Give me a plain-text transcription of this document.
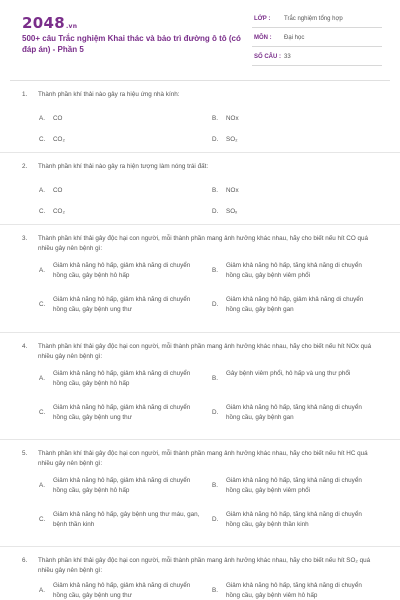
2048.vn
500+ câu Trắc nghiệm Khai thác và bảo trì đường ô tô (có đáp án) - Phần 5
LỚP : Trắc nghiệm tổng hợp
MÔN : Đại học
SỐ CÂU : 33
1. Thành phần khí thải nào gây ra hiệu ứng nhà kính:
A. CO	B. NOx
C. CO₂	D. SO₂
2. Thành phần khí thải nào gây ra hiện tượng làm nóng trái đất:
A. CO	B. NOx
C. CO₂	D. SOₓ
3.	Thành phần khí thải gây độc hại con người, mỗi thành phần mang ảnh hưởng khác nhau, hãy cho biết nếu hít CO quá nhiều gây nên bệnh gì:
A.
Giảm khả năng hô hấp, giảm khả năng di chuyển hồng cầu, gây bệnh hô hấp
B.
Giảm khả năng hô hấp, tăng khả năng di chuyển hồng cầu, gây bệnh viêm phổi
C.
Giảm khả năng hô hấp, giảm khả năng di chuyển hồng cầu, gây bệnh ung thư
D.
Giảm khả năng hô hấp, giảm khả năng di chuyển hồng cầu, gây bệnh gan
4.	Thành phần khí thải gây độc hại con người, mỗi thành phần mang ảnh hưởng khác nhau, hãy cho biết nếu hít NOx quá nhiều gây nên bệnh gì:
A.
Giảm khả năng hô hấp, giảm khả năng di chuyển hồng cầu, gây bệnh hô hấp
B.
Gây bệnh viêm phổi, hô hấp và ung thư phổi
C.
Giảm khả năng hô hấp, giảm khả năng di chuyển hồng cầu, gây bệnh ung thư
D.
Giảm khả năng hô hấp, tăng khả năng di chuyển hồng cầu, gây bệnh gan
5.	Thành phần khí thải gây độc hại con người, mỗi thành phần mang ảnh hưởng khác nhau, hãy cho biết nếu hít HC quá nhiều gây nên bệnh gì:
A.
Giảm khả năng hô hấp, giảm khả năng di chuyển hồng cầu, gây bệnh hô hấp
B.
Giảm khả năng hô hấp, tăng khả năng di chuyển hồng cầu, gây bệnh viêm phổi
C.
Giảm khả năng hô hấp, gây bệnh ung thư máu, gan, bệnh thần kinh
D.
Giảm khả năng hô hấp, tăng khả năng di chuyển hồng cầu, gây bệnh thần kinh
6.	Thành phần khí thải gây độc hại con người, mỗi thành phần mang ảnh hưởng khác nhau, hãy cho biết nếu hít SO₂ quá nhiều gây nên bệnh gì:
A.
Giảm khả năng hô hấp, giảm khả năng di chuyển hồng cầu, gây bệnh ung thư
B.
Giảm khả năng hô hấp, tăng khả năng di chuyển hồng cầu, gây bệnh viêm hô hấp
